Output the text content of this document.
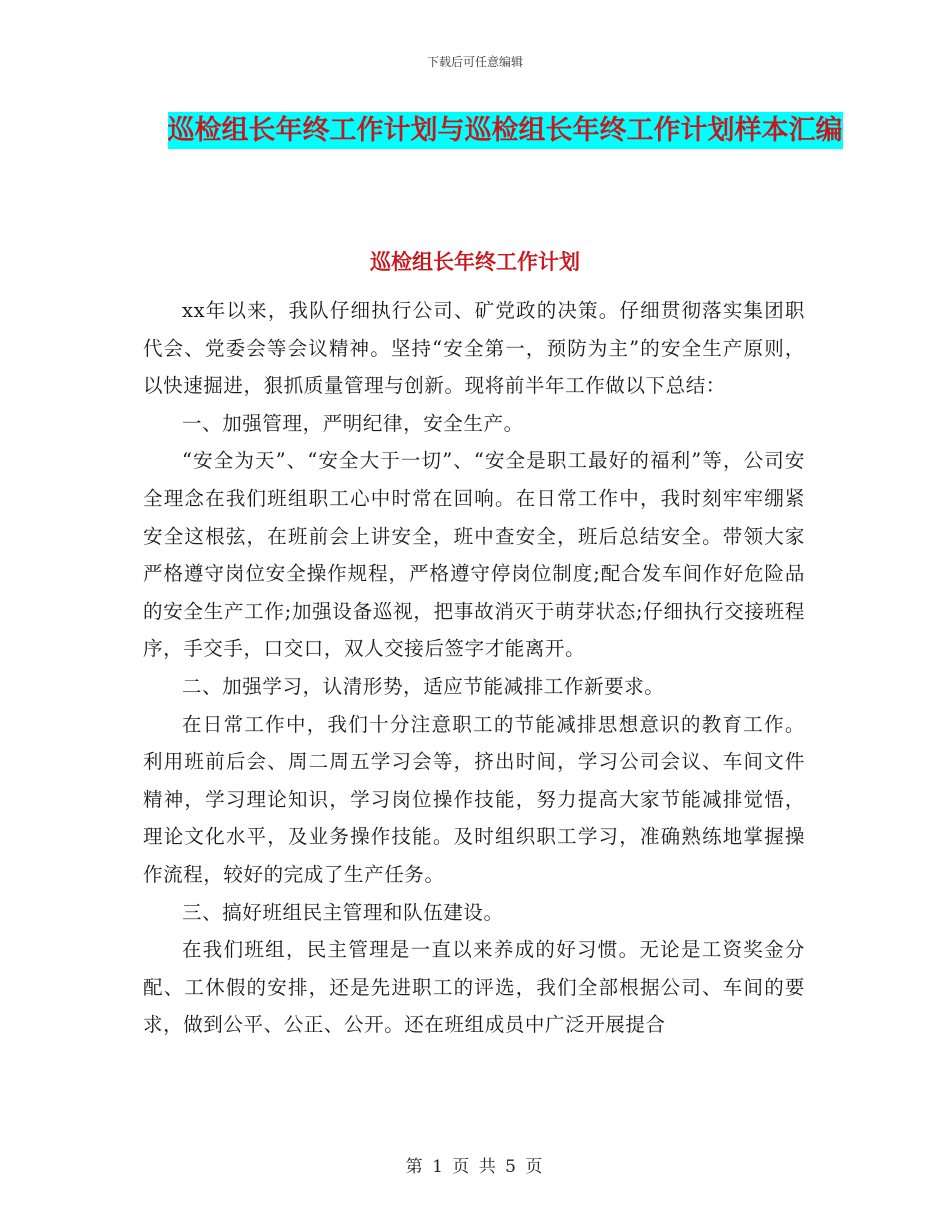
下载后可任意编辑
巡检组长年终工作计划与巡检组长年终工作计划样本汇编
巡检组长年终工作计划

xx年以来，我队仔细执行公司、矿党政的决策。仔细贯彻落实集团职代会、党委会等会议精神。坚持“安全第一，预防为主”的安全生产原则，以快速掘进，狠抓质量管理与创新。现将前半年工作做以下总结：

一、加强管理，严明纪律，安全生产。

“安全为天”、“安全大于一切”、“安全是职工最好的福利”等，公司安全理念在我们班组职工心中时常在回响。在日常工作中，我时刻牢牢绷紧安全这根弦，在班前会上讲安全，班中查安全，班后总结安全。带领大家严格遵守岗位安全操作规程，严格遵守停岗位制度;配合发车间作好危险品的安全生产工作;加强设备巡视，把事故消灭于萌芽状态;仔细执行交接班程序，手交手，口交口，双人交接后签字才能离开。

二、加强学习，认清形势，适应节能减排工作新要求。

在日常工作中，我们十分注意职工的节能减排思想意识的教育工作。利用班前后会、周二周五学习会等，挤出时间，学习公司会议、车间文件精神，学习理论知识，学习岗位操作技能，努力提高大家节能减排觉悟，理论文化水平，及业务操作技能。及时组织职工学习，准确熟练地掌握操作流程，较好的完成了生产任务。

三、搞好班组民主管理和队伍建设。

在我们班组，民主管理是一直以来养成的好习惯。无论是工资奖金分配、工休假的安排，还是先进职工的评选，我们全部根据公司、车间的要求，做到公平、公正、公开。还在班组成员中广泛开展提合

第 1 页 共 5 页
